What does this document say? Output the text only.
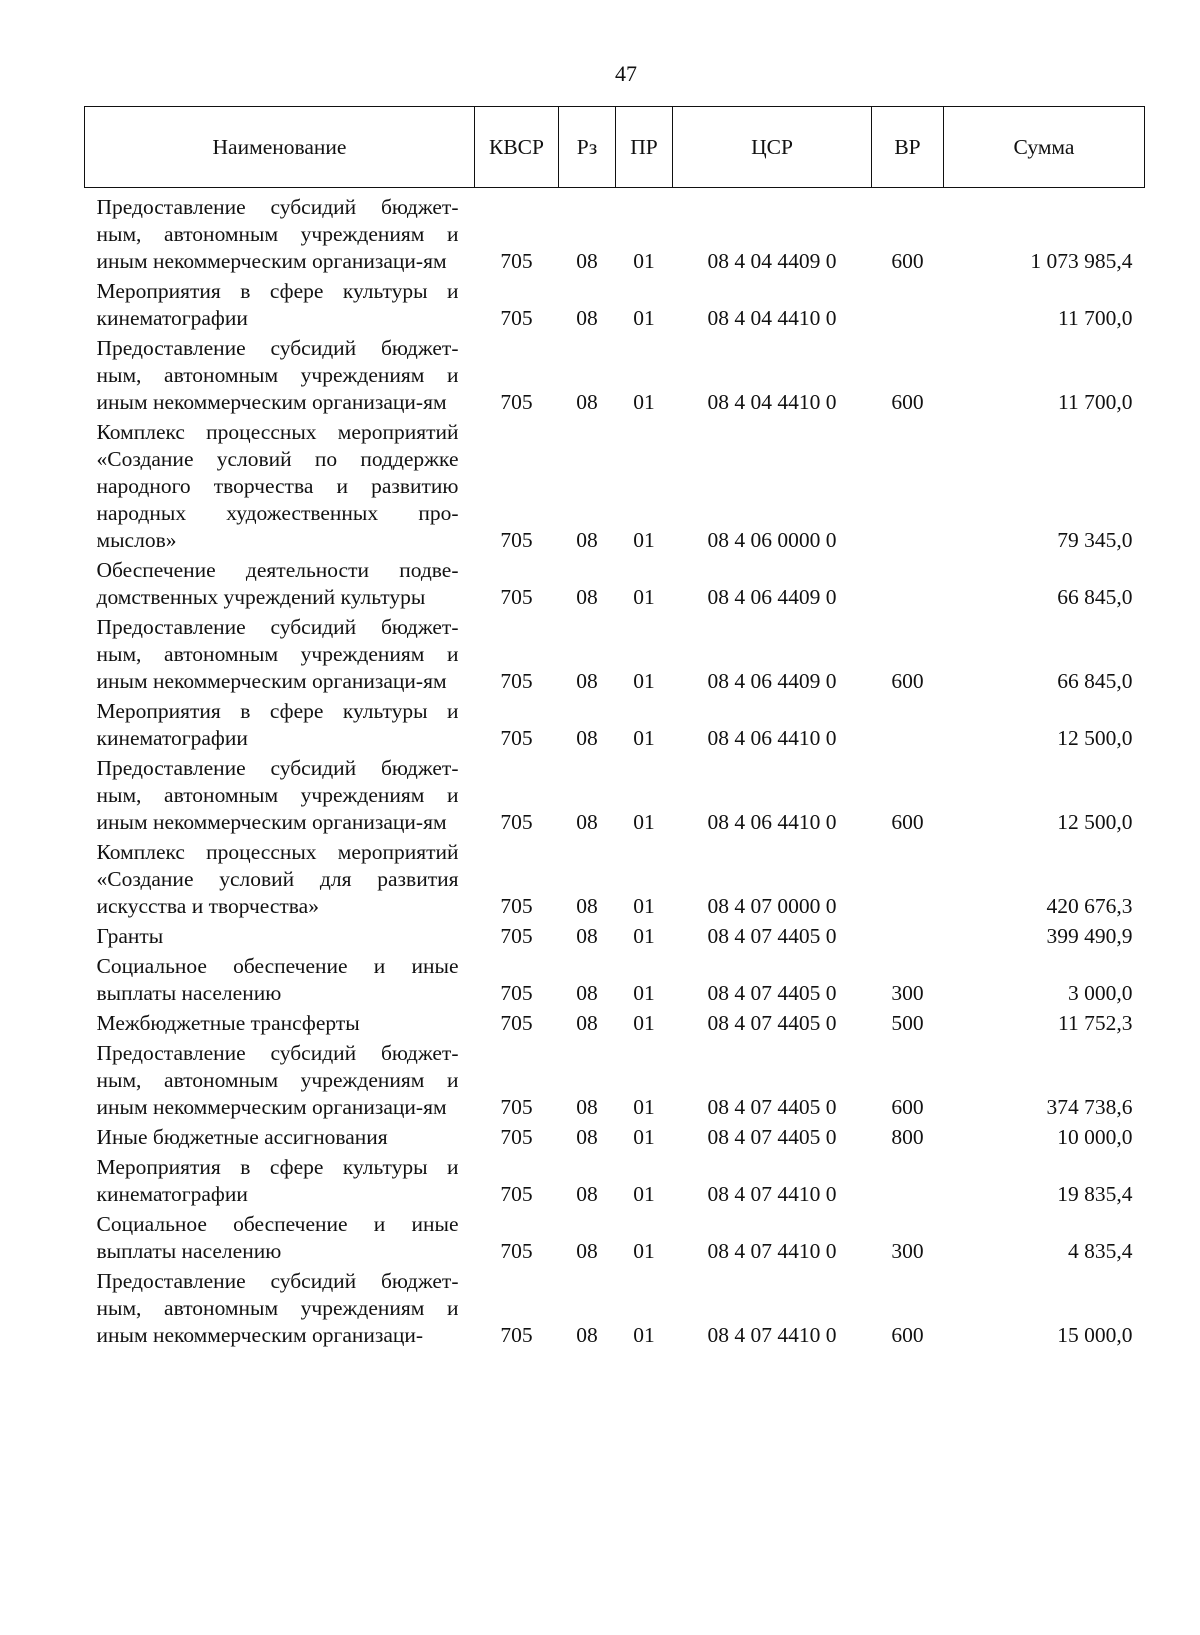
47
Наименование	КВСР	Рз	ПР	ЦСР	ВР	Сумма
Предоставление субсидий бюджет-ным, автономным учреждениям и иным некоммерческим организаци-ям	705	08	01	08 4 04 4409 0	600	1 073 985,4
Мероприятия в сфере культуры и кинематографии	705	08	01	08 4 04 4410 0		11 700,0
Предоставление субсидий бюджет-ным, автономным учреждениям и иным некоммерческим организаци-ям	705	08	01	08 4 04 4410 0	600	11 700,0
Комплекс процессных мероприятий «Создание условий по поддержке народного творчества и развитию народных художественных про-мыслов»	705	08	01	08 4 06 0000 0		79 345,0
Обеспечение деятельности подве-домственных учреждений культуры	705	08	01	08 4 06 4409 0		66 845,0
Предоставление субсидий бюджет-ным, автономным учреждениям и иным некоммерческим организаци-ям	705	08	01	08 4 06 4409 0	600	66 845,0
Мероприятия в сфере культуры и кинематографии	705	08	01	08 4 06 4410 0		12 500,0
Предоставление субсидий бюджет-ным, автономным учреждениям и иным некоммерческим организаци-ям	705	08	01	08 4 06 4410 0	600	12 500,0
Комплекс процессных мероприятий «Создание условий для развития искусства и творчества»	705	08	01	08 4 07 0000 0		420 676,3
Гранты	705	08	01	08 4 07 4405 0		399 490,9
Социальное обеспечение и иные выплаты населению	705	08	01	08 4 07 4405 0	300	3 000,0
Межбюджетные трансферты	705	08	01	08 4 07 4405 0	500	11 752,3
Предоставление субсидий бюджет-ным, автономным учреждениям и иным некоммерческим организаци-ям	705	08	01	08 4 07 4405 0	600	374 738,6
Иные бюджетные ассигнования	705	08	01	08 4 07 4405 0	800	10 000,0
Мероприятия в сфере культуры и кинематографии	705	08	01	08 4 07 4410 0		19 835,4
Социальное обеспечение и иные выплаты населению	705	08	01	08 4 07 4410 0	300	4 835,4
Предоставление субсидий бюджет-ным, автономным учреждениям и иным некоммерческим организаци-	705	08	01	08 4 07 4410 0	600	15 000,0
